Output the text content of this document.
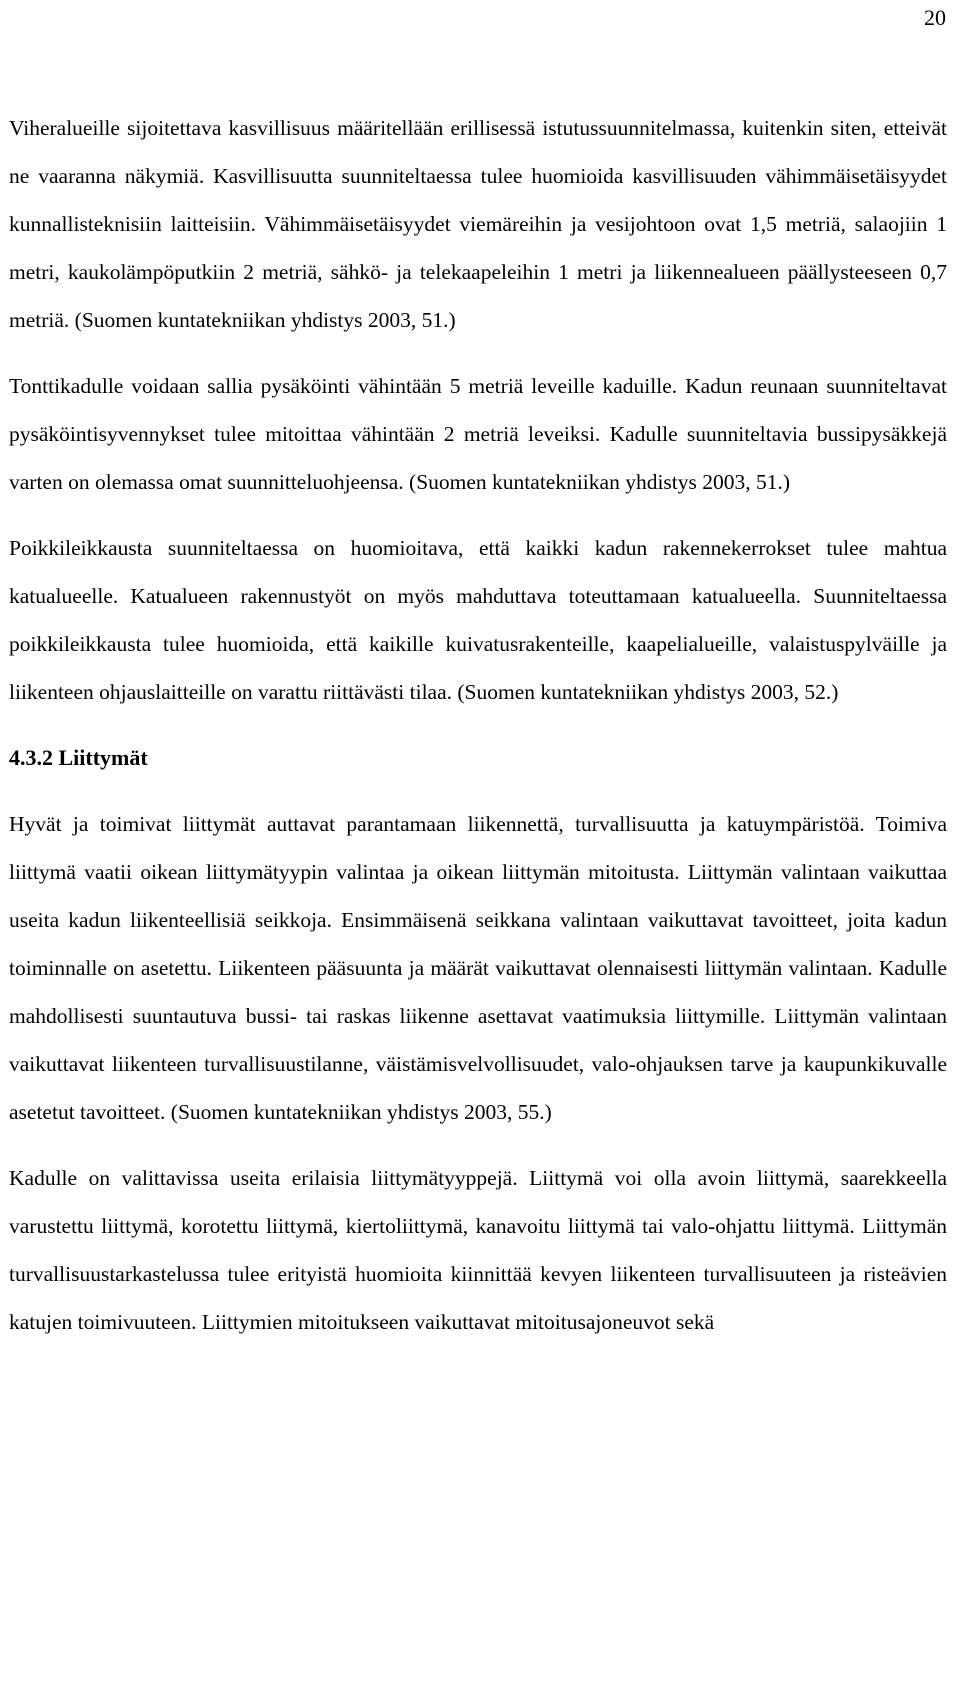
20

Viheralueille sijoitettava kasvillisuus määritellään erillisessä istutussuunnitelmassa, kuitenkin siten, etteivät ne vaaranna näkymiä. Kasvillisuutta suunniteltaessa tulee huomioida kasvillisuuden vähimmäisetäisyydet kunnallisteknisiin laitteisiin. Vähimmäisetäisyydet viemäreihin ja vesijohtoon ovat 1,5 metriä, salaojiin 1 metri, kaukolämpöputkiin 2 metriä, sähkö- ja telekaapeleihin 1 metri ja liikennealueen päällysteeseen 0,7 metriä. (Suomen kuntatekniikan yhdistys 2003, 51.)

Tonttikadulle voidaan sallia pysäköinti vähintään 5 metriä leveille kaduille. Kadun reunaan suunniteltavat pysäköintisyvennykset tulee mitoittaa vähintään 2 metriä leveiksi. Kadulle suunniteltavia bussipysäkkejä varten on olemassa omat suunnitteluohjeensa. (Suomen kuntatekniikan yhdistys 2003, 51.)

Poikkileikkausta suunniteltaessa on huomioitava, että kaikki kadun rakennekerrokset tulee mahtua katualueelle. Katualueen rakennustyöt on myös mahduttava toteuttamaan katualueella. Suunniteltaessa poikkileikkausta tulee huomioida, että kaikille kuivatusrakenteille, kaapelialueille, valaistuspylväille ja liikenteen ohjauslaitteille on varattu riittävästi tilaa. (Suomen kuntatekniikan yhdistys 2003, 52.)

4.3.2 Liittymät

Hyvät ja toimivat liittymät auttavat parantamaan liikennettä, turvallisuutta ja katuympäristöä. Toimiva liittymä vaatii oikean liittymätyypin valintaa ja oikean liittymän mitoitusta. Liittymän valintaan vaikuttaa useita kadun liikenteellisiä seikkoja. Ensimmäisenä seikkana valintaan vaikuttavat tavoitteet, joita kadun toiminnalle on asetettu. Liikenteen pääsuunta ja määrät vaikuttavat olennaisesti liittymän valintaan. Kadulle mahdollisesti suuntautuva bussi- tai raskas liikenne asettavat vaatimuksia liittymille. Liittymän valintaan vaikuttavat liikenteen turvallisuustilanne, väistämisvelvollisuudet, valo-ohjauksen tarve ja kaupunkikuvalle asetetut tavoitteet. (Suomen kuntatekniikan yhdistys 2003, 55.)

Kadulle on valittavissa useita erilaisia liittymätyyppejä. Liittymä voi olla avoin liittymä, saarekkeella varustettu liittymä, korotettu liittymä, kiertoliittymä, kanavoitu liittymä tai valo-ohjattu liittymä. Liittymän turvallisuustarkastelussa tulee erityistä huomioita kiinnittää kevyen liikenteen turvallisuuteen ja risteävien katujen toimivuuteen. Liittymien mitoitukseen vaikuttavat mitoitusajoneuvot sekä
